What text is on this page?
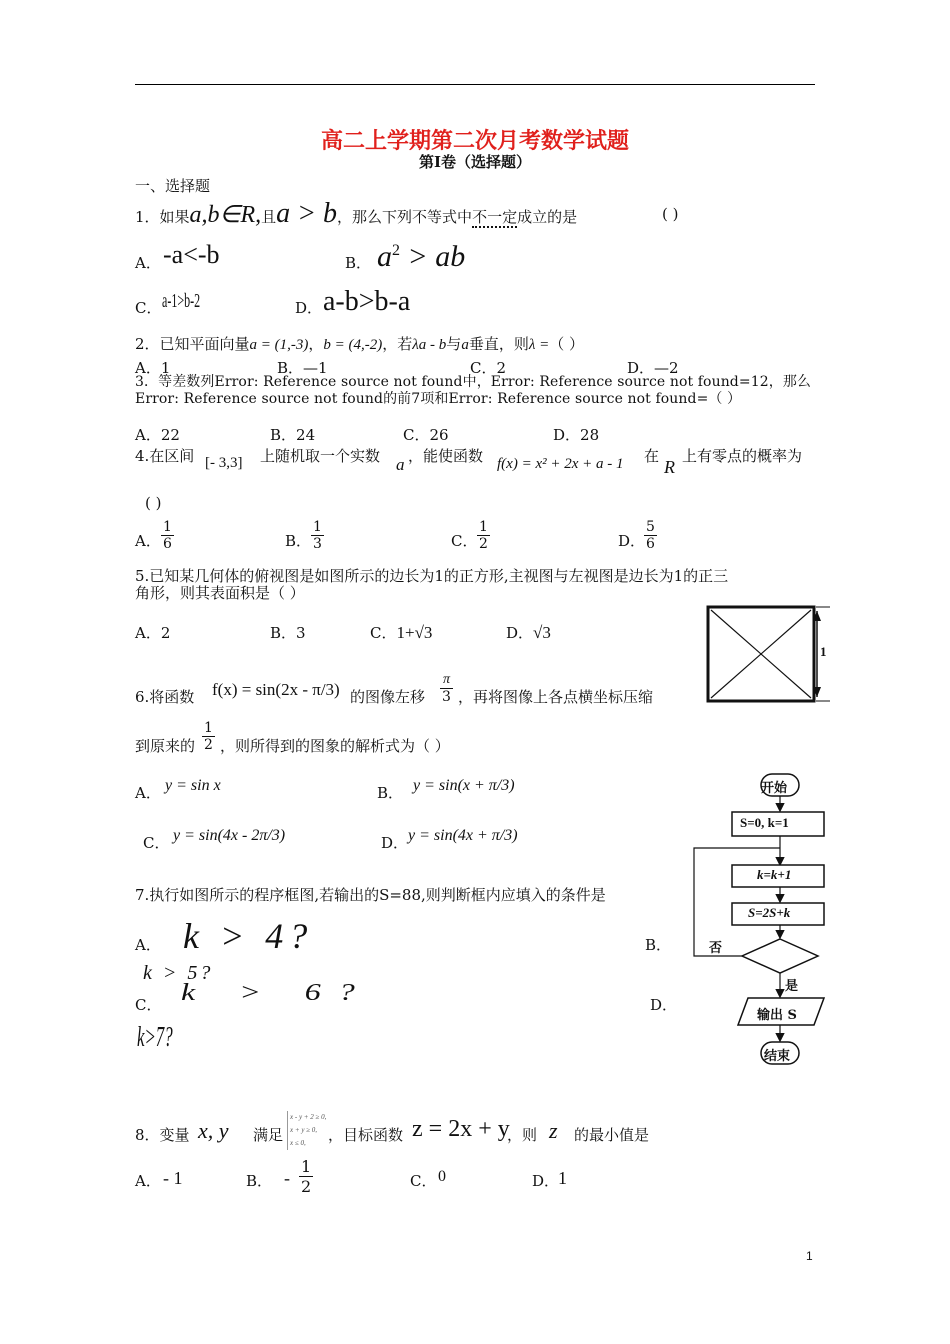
高二上学期第二次月考数学试题
第Ⅰ卷（选择题）
一、选择题
1．如果a,b∈R,且a > b，那么下列不等式中不一定成立的是	( )
A． -a<-b	B． $a^2$ > ab
C． a-1>b-2	D． a-b>b-a
2．已知平面向量a = (1,-3)，b = (4,-2)，若λa - b与a垂直，则λ =（ ）
A．1	B．—1	C．2	D．—2
3．等差数列Error: Reference source not found中，Error: Reference source not found=12，那么Error: Reference source not found的前7项和Error: Reference source not found=（ ）
A．22	B．24	C．26	D．28
4.在区间 [- 3,3] 上随机取一个实数 a ，能使函数 f(x) = x² + 2x + a - 1 在
R
上有零点的概率为
( )
A． $\frac{1}{6}$	B． $\frac{1}{3}$	C． $\frac{1}{2}$	D．
$\frac{5}{6}$
5.已知某几何体的俯视图是如图所示的边长为1的正方形,主视图与左视图是边长为1的正三
角形，则其表面积是（ ）
A．2	B．3	C．1+√3	D．√3
1
6.将函数 f(x) = sin(2x - π/3) 的图像左移 $\frac{\pi}{3}$ ，再将图像上各点横坐标压缩
到原来的 $\frac{1}{2}$ ，则所得到的图象的解析式为（ ）
A． y = sin x	B． y = sin(x + π/3)
C． y = sin(4x - 2π/3)	D． y = sin(4x + π/3)
7.执行如图所示的程序框图,若输出的S=88,则判断框内应填入的条件是
A． k > 4?	B．
k > 5?
C． k > 6?	D．
k>7?
开始
S=0, k=1
k=k+1
S=2S+k
否
是
输出 S
结束
8．变量 x, y 满足
x - y + 2 ≥ 0,
x + y ≥ 0,
x ≤ 0,	，目标函数 z = 2x + y
，则 z 的最小值是
A． - 1	B． - $\frac{1}{2}$	C． 0	D．
1
1
